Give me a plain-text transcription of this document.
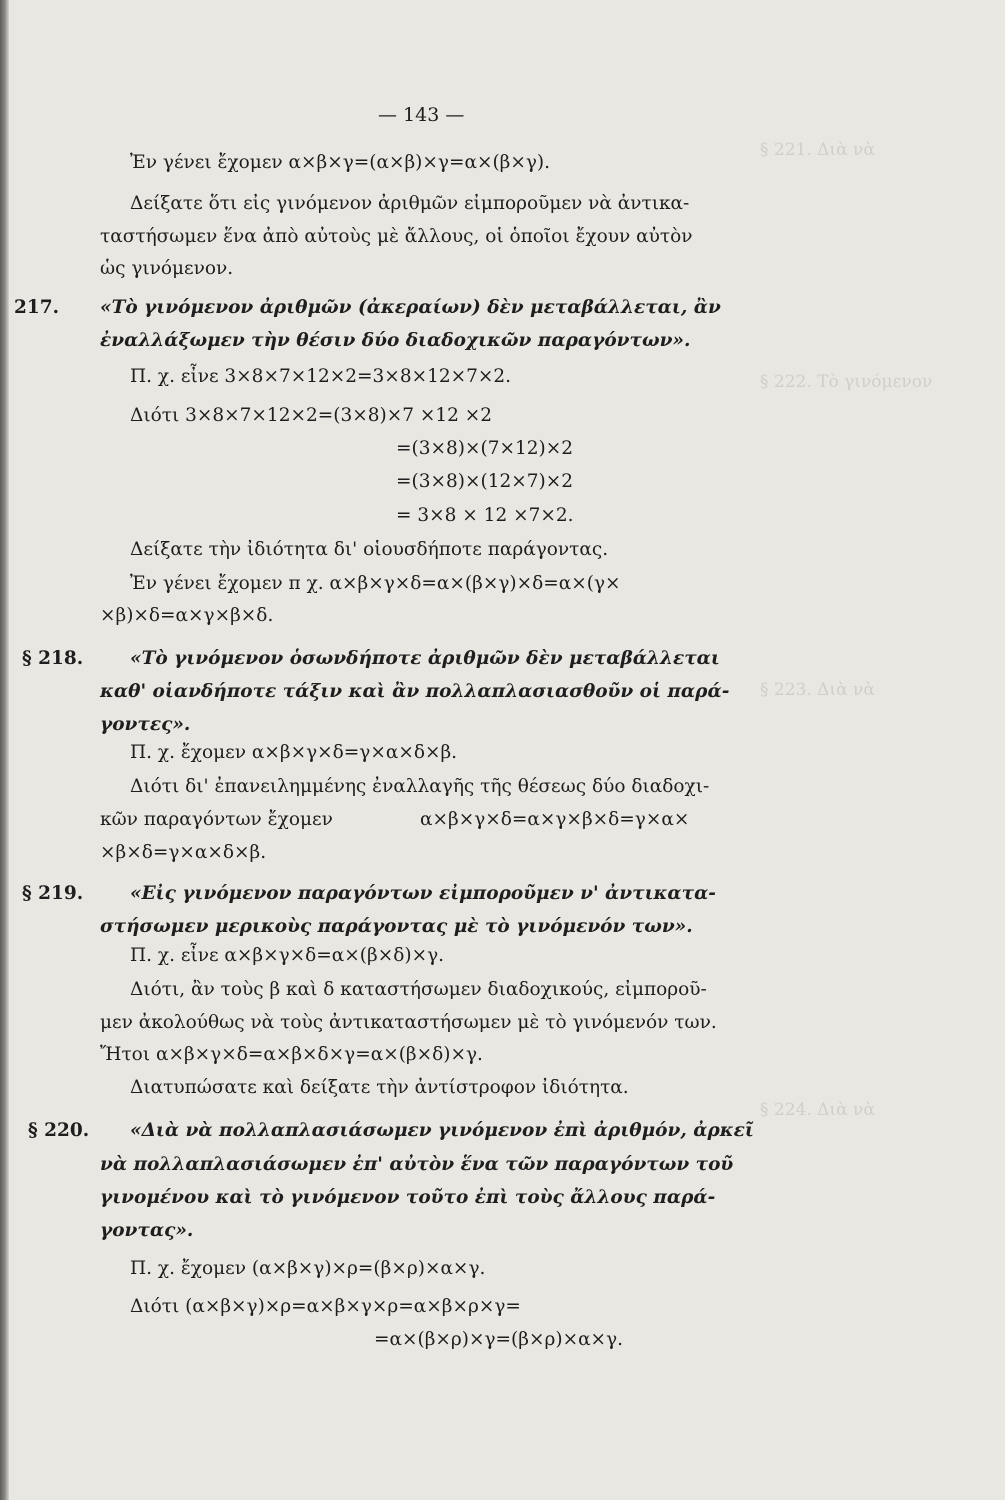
§ 221. Διὰ νὰ
§ 222. Τὸ γινόμενον
§ 223. Διὰ νὰ
§ 224. Διὰ νὰ
— 143 —
Ἐν γένει ἔχομεν α×β×γ=(α×β)×γ=α×(β×γ).
Δείξατε ὅτι εἰς γινόμενον ἀριθμῶν εἰμποροῦμεν νὰ ἀντικα-
ταστήσωμεν ἕνα ἀπὸ αὐτοὺς μὲ ἄλλους, οἱ ὁποῖοι ἔχουν αὐτὸν
ὡς γινόμενον.
217. «Τὸ γινόμενον ἀριθμῶν (ἀκεραίων) δὲν μεταβάλλεται, ἂν
ἐναλλάξωμεν τὴν θέσιν δύο διαδοχικῶν παραγόντων».
Π. χ. εἶνε 3×8×7×12×2=3×8×12×7×2.
Διότι 3×8×7×12×2=(3×8)×7 ×12 ×2
=(3×8)×(7×12)×2
=(3×8)×(12×7)×2
= 3×8 × 12 ×7×2.
Δείξατε τὴν ἰδιότητα δι' οἱουσδήποτε παράγοντας.
Ἐν γένει ἔχομεν π χ. α×β×γ×δ=α×(β×γ)×δ=α×(γ×
×β)×δ=α×γ×β×δ.
§ 218.	«Τὸ γινόμενον ὁσωνδήποτε ἀριθμῶν δὲν μεταβάλλεται
καθ' οἱανδήποτε τάξιν καὶ ἂν πολλαπλασιασθοῦν οἱ παρά-
γοντες».
Π. χ. ἔχομεν α×β×γ×δ=γ×α×δ×β.
Διότι δι' ἐπανειλημμένης ἐναλλαγῆς τῆς θέσεως δύο διαδοχι-
κῶν παραγόντων ἔχομεν	α×β×γ×δ=α×γ×β×δ=γ×α×
×β×δ=γ×α×δ×β.
§ 219.	«Εἰς γινόμενον παραγόντων εἰμποροῦμεν ν' ἀντικατα-
στήσωμεν μερικοὺς παράγοντας μὲ τὸ γινόμενόν των».
Π. χ. εἶνε α×β×γ×δ=α×(β×δ)×γ.
Διότι, ἂν τοὺς β καὶ δ καταστήσωμεν διαδοχικούς, εἰμποροῦ-
μεν ἀκολούθως νὰ τοὺς ἀντικαταστήσωμεν μὲ τὸ γινόμενόν των.
Ἤτοι α×β×γ×δ=α×β×δ×γ=α×(β×δ)×γ.
Διατυπώσατε καὶ δείξατε τὴν ἀντίστροφον ἰδιότητα.
§ 220. «Διὰ νὰ πολλαπλασιάσωμεν γινόμενον ἐπὶ ἀριθμόν, ἀρκεῖ
νὰ πολλαπλασιάσωμεν ἐπ' αὐτὸν ἕνα τῶν παραγόντων τοῦ
γινομένου καὶ τὸ γινόμενον τοῦτο ἐπὶ τοὺς ἄλλους παρά-
γοντας».
Π. χ. ἔχομεν (α×β×γ)×ρ=(β×ρ)×α×γ.
Διότι (α×β×γ)×ρ=α×β×γ×ρ=α×β×ρ×γ=
=α×(β×ρ)×γ=(β×ρ)×α×γ.
